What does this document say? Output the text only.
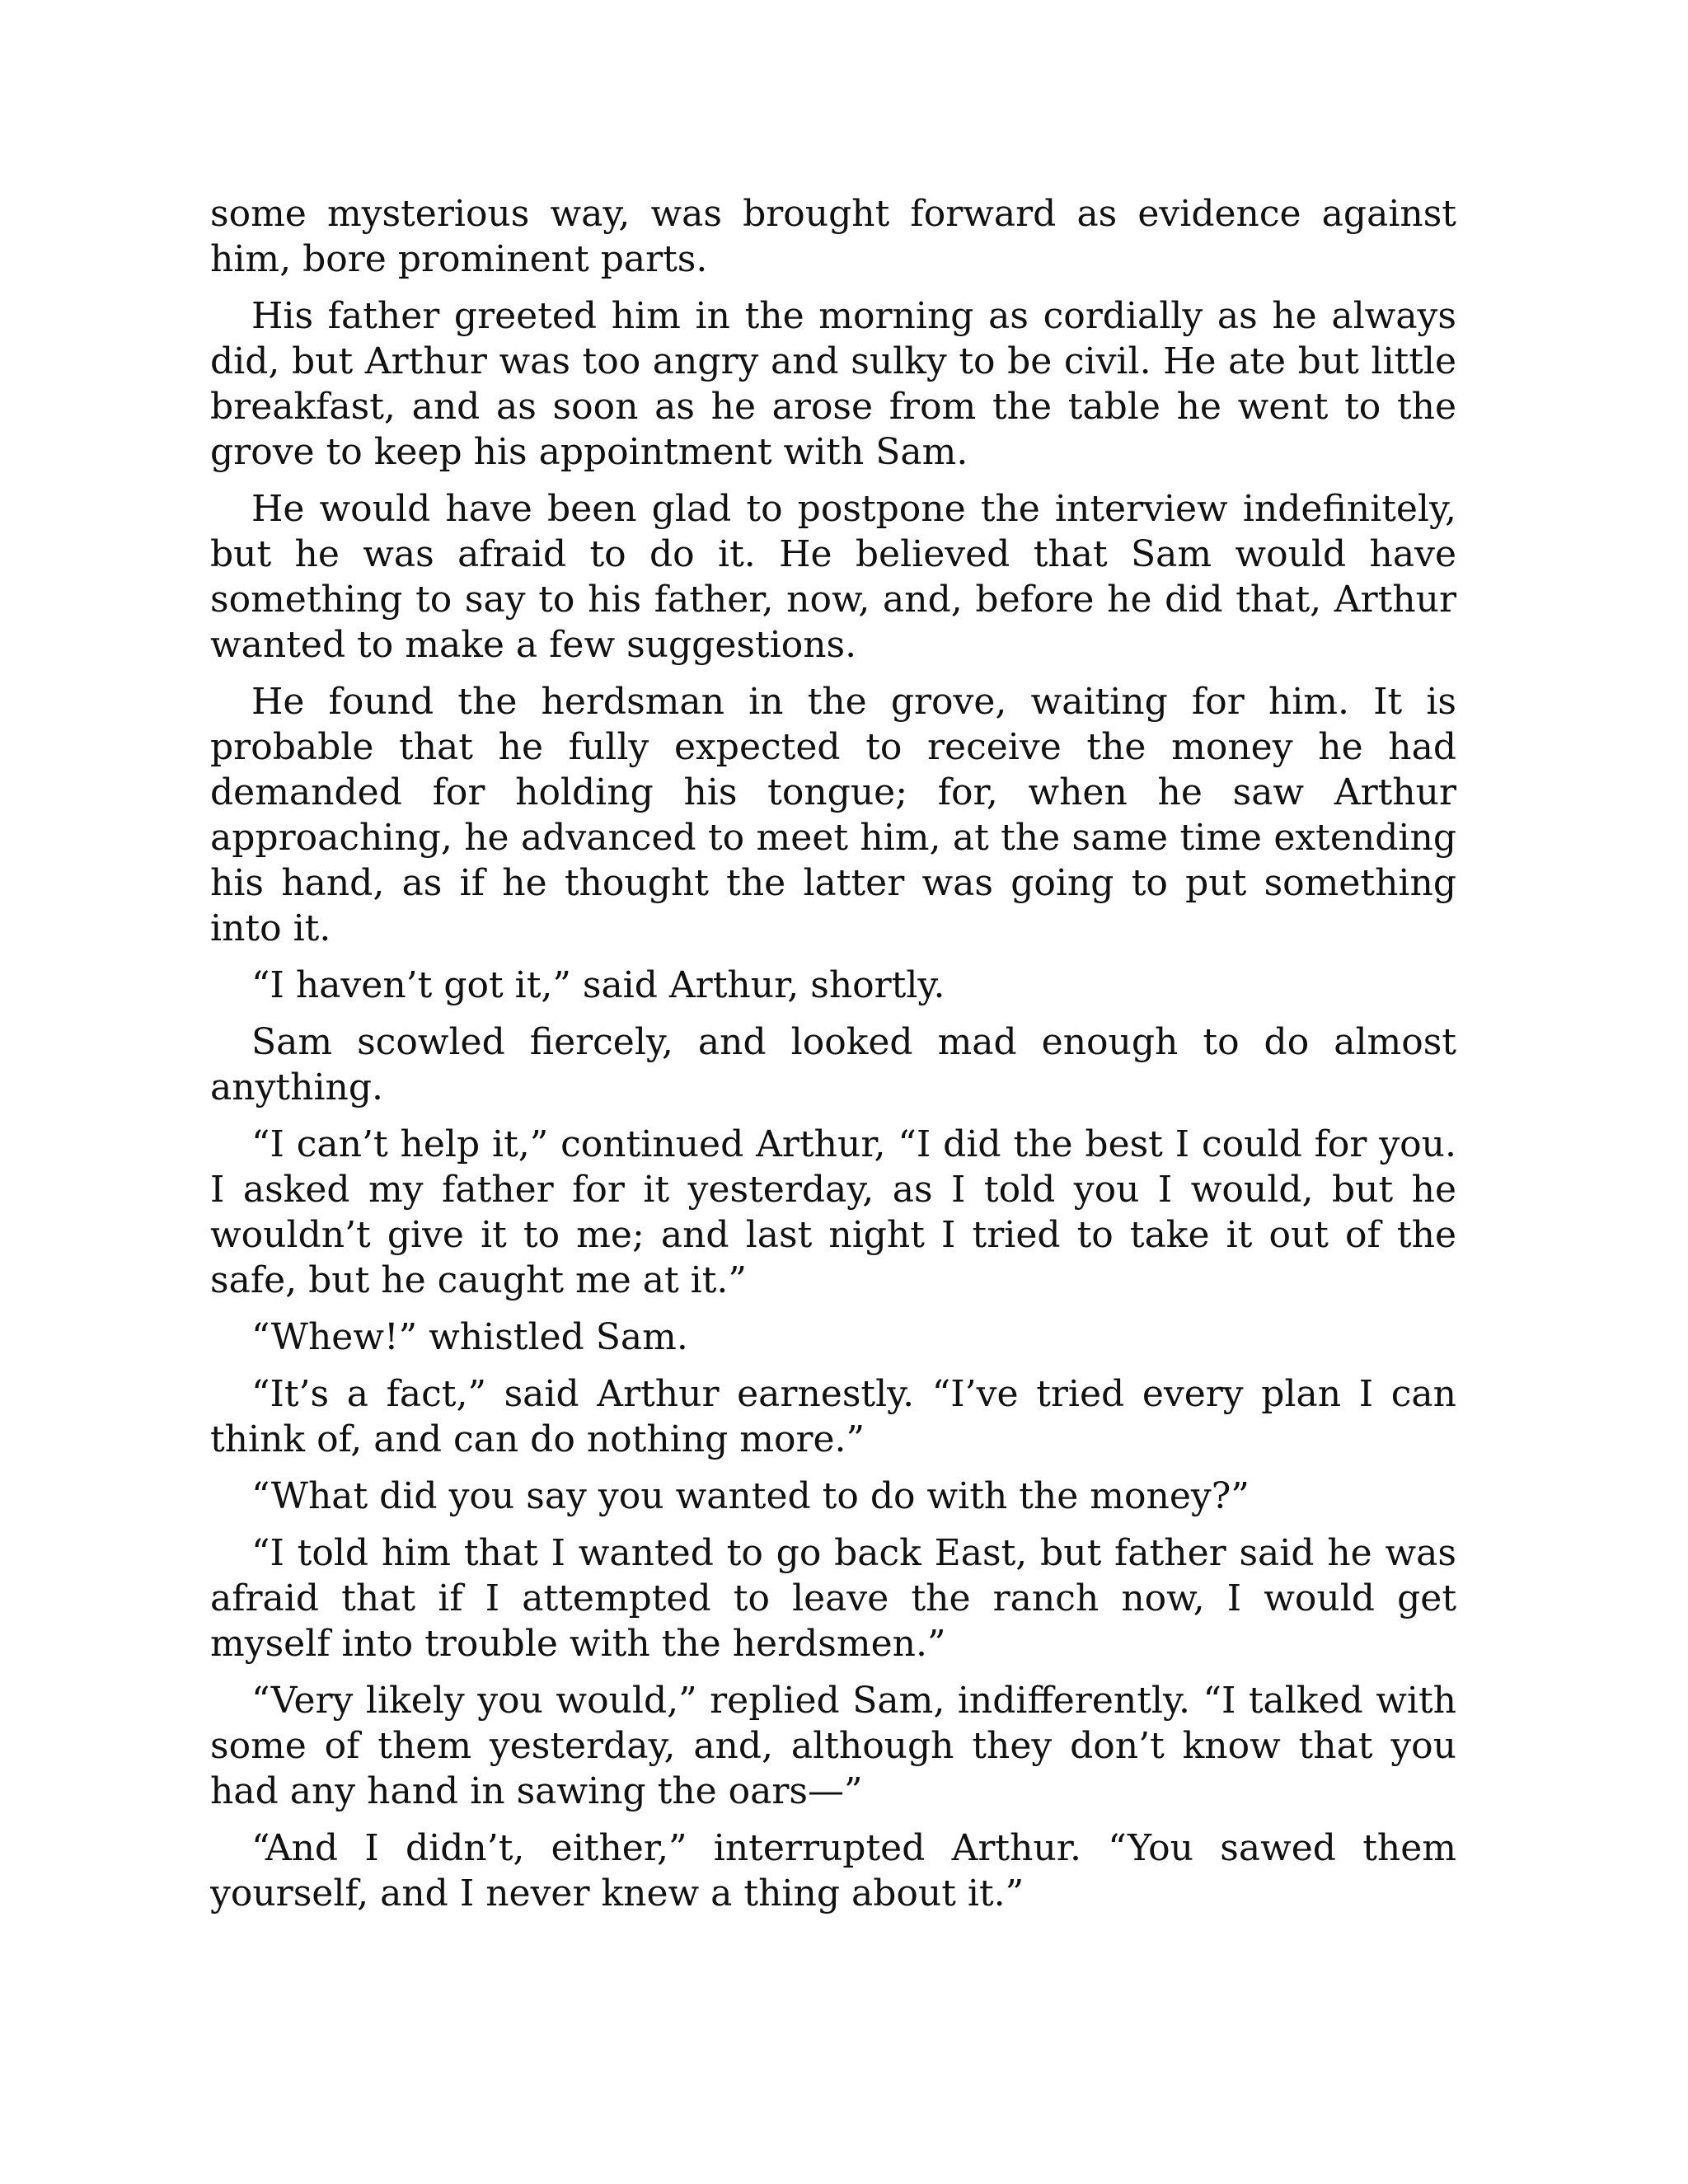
some mysterious way, was brought forward as evidence against him, bore prominent parts.

His father greeted him in the morning as cordially as he always did, but Arthur was too angry and sulky to be civil. He ate but little breakfast, and as soon as he arose from the table he went to the grove to keep his appointment with Sam.

He would have been glad to postpone the interview indefinitely, but he was afraid to do it. He believed that Sam would have something to say to his father, now, and, before he did that, Arthur wanted to make a few suggestions.

He found the herdsman in the grove, waiting for him. It is probable that he fully expected to receive the money he had demanded for holding his tongue; for, when he saw Arthur approaching, he advanced to meet him, at the same time extending his hand, as if he thought the latter was going to put something into it.

“I haven’t got it,” said Arthur, shortly.

Sam scowled fiercely, and looked mad enough to do almost anything.

“I can’t help it,” continued Arthur, “I did the best I could for you. I asked my father for it yesterday, as I told you I would, but he wouldn’t give it to me; and last night I tried to take it out of the safe, but he caught me at it.”

“Whew!” whistled Sam.

“It’s a fact,” said Arthur earnestly. “I’ve tried every plan I can think of, and can do nothing more.”

“What did you say you wanted to do with the money?”

“I told him that I wanted to go back East, but father said he was afraid that if I attempted to leave the ranch now, I would get myself into trouble with the herdsmen.”

“Very likely you would,” replied Sam, indifferently. “I talked with some of them yesterday, and, although they don’t know that you had any hand in sawing the oars—”

“And I didn’t, either,” interrupted Arthur. “You sawed them yourself, and I never knew a thing about it.”
